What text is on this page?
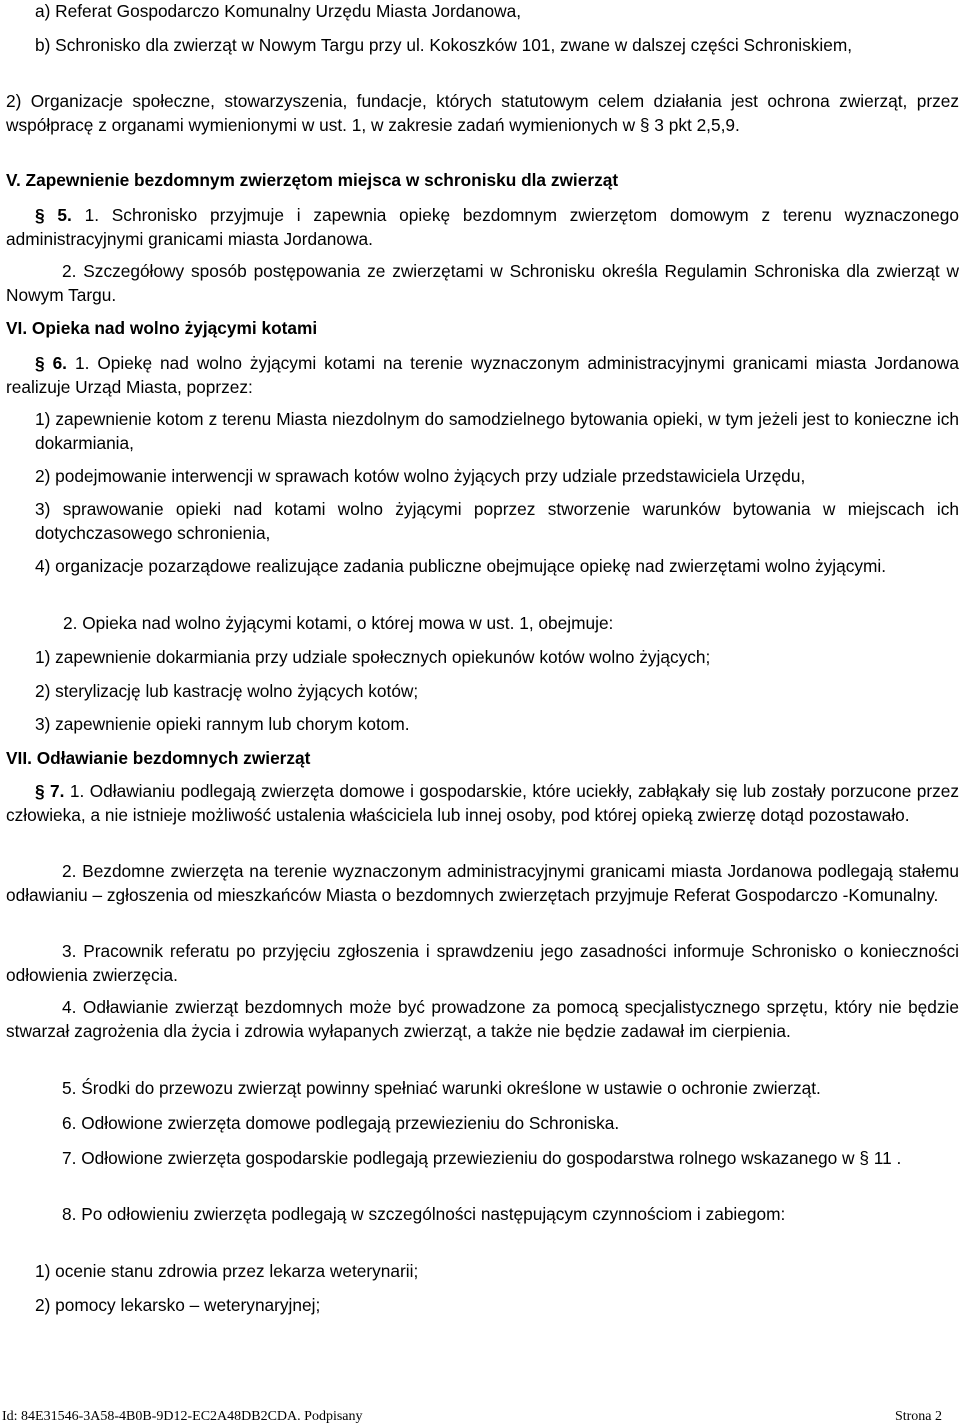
a) Referat Gospodarczo Komunalny Urzędu Miasta Jordanowa,

b) Schronisko dla zwierząt w Nowym Targu przy ul. Kokoszków 101, zwane w dalszej części Schroniskiem,

2) Organizacje społeczne, stowarzyszenia, fundacje, których statutowym celem działania jest ochrona zwierząt, przez współpracę z organami wymienionymi w ust. 1, w zakresie zadań wymienionych w § 3 pkt 2,5,9.

V. Zapewnienie bezdomnym zwierzętom miejsca w schronisku dla zwierząt

§ 5. 1. Schronisko przyjmuje i zapewnia opiekę bezdomnym zwierzętom domowym z terenu wyznaczonego administracyjnymi granicami miasta Jordanowa.

2. Szczegółowy sposób postępowania ze zwierzętami w Schronisku określa Regulamin Schroniska dla zwierząt w Nowym Targu.

VI. Opieka nad wolno żyjącymi kotami

§ 6. 1. Opiekę nad wolno żyjącymi kotami na terenie wyznaczonym administracyjnymi granicami miasta Jordanowa realizuje Urząd Miasta, poprzez:

1) zapewnienie kotom z terenu Miasta niezdolnym do samodzielnego bytowania opieki, w tym jeżeli jest to konieczne ich dokarmiania,

2) podejmowanie interwencji w sprawach kotów wolno żyjących przy udziale przedstawiciela Urzędu,

3) sprawowanie opieki nad kotami wolno żyjącymi poprzez stworzenie warunków bytowania w miejscach ich dotychczasowego schronienia,

4) organizacje pozarządowe realizujące zadania publiczne obejmujące opiekę nad zwierzętami wolno żyjącymi.

2. Opieka nad wolno żyjącymi kotami, o której mowa w ust. 1, obejmuje:

1) zapewnienie dokarmiania przy udziale społecznych opiekunów kotów wolno żyjących;

2) sterylizację lub kastrację wolno żyjących kotów;

3) zapewnienie opieki rannym lub chorym kotom.

VII. Odławianie bezdomnych zwierząt

§ 7. 1. Odławianiu podlegają zwierzęta domowe i gospodarskie, które uciekły, zabłąkały się lub zostały porzucone przez człowieka, a nie istnieje możliwość ustalenia właściciela lub innej osoby, pod której opieką zwierzę dotąd pozostawało.

2. Bezdomne zwierzęta na terenie wyznaczonym administracyjnymi granicami miasta Jordanowa podlegają stałemu odławianiu – zgłoszenia od mieszkańców Miasta o bezdomnych zwierzętach przyjmuje Referat Gospodarczo -Komunalny.

3. Pracownik referatu po przyjęciu zgłoszenia i sprawdzeniu jego zasadności informuje Schronisko o konieczności odłowienia zwierzęcia.

4. Odławianie zwierząt bezdomnych może być prowadzone za pomocą specjalistycznego sprzętu, który nie będzie stwarzał zagrożenia dla życia i zdrowia wyłapanych zwierząt, a także nie będzie zadawał im cierpienia.

5. Środki do przewozu zwierząt powinny spełniać warunki określone w ustawie o ochronie zwierząt.

6. Odłowione zwierzęta domowe podlegają przewiezieniu do Schroniska.

7. Odłowione zwierzęta gospodarskie podlegają przewiezieniu do gospodarstwa rolnego wskazanego w § 11 .

8. Po odłowieniu zwierzęta podlegają w szczególności następującym czynnościom i zabiegom:

1) ocenie stanu zdrowia przez lekarza weterynarii;

2) pomocy lekarsko – weterynaryjnej;

Id: 84E31546-3A58-4B0B-9D12-EC2A48DB2CDA. Podpisany	Strona 2
